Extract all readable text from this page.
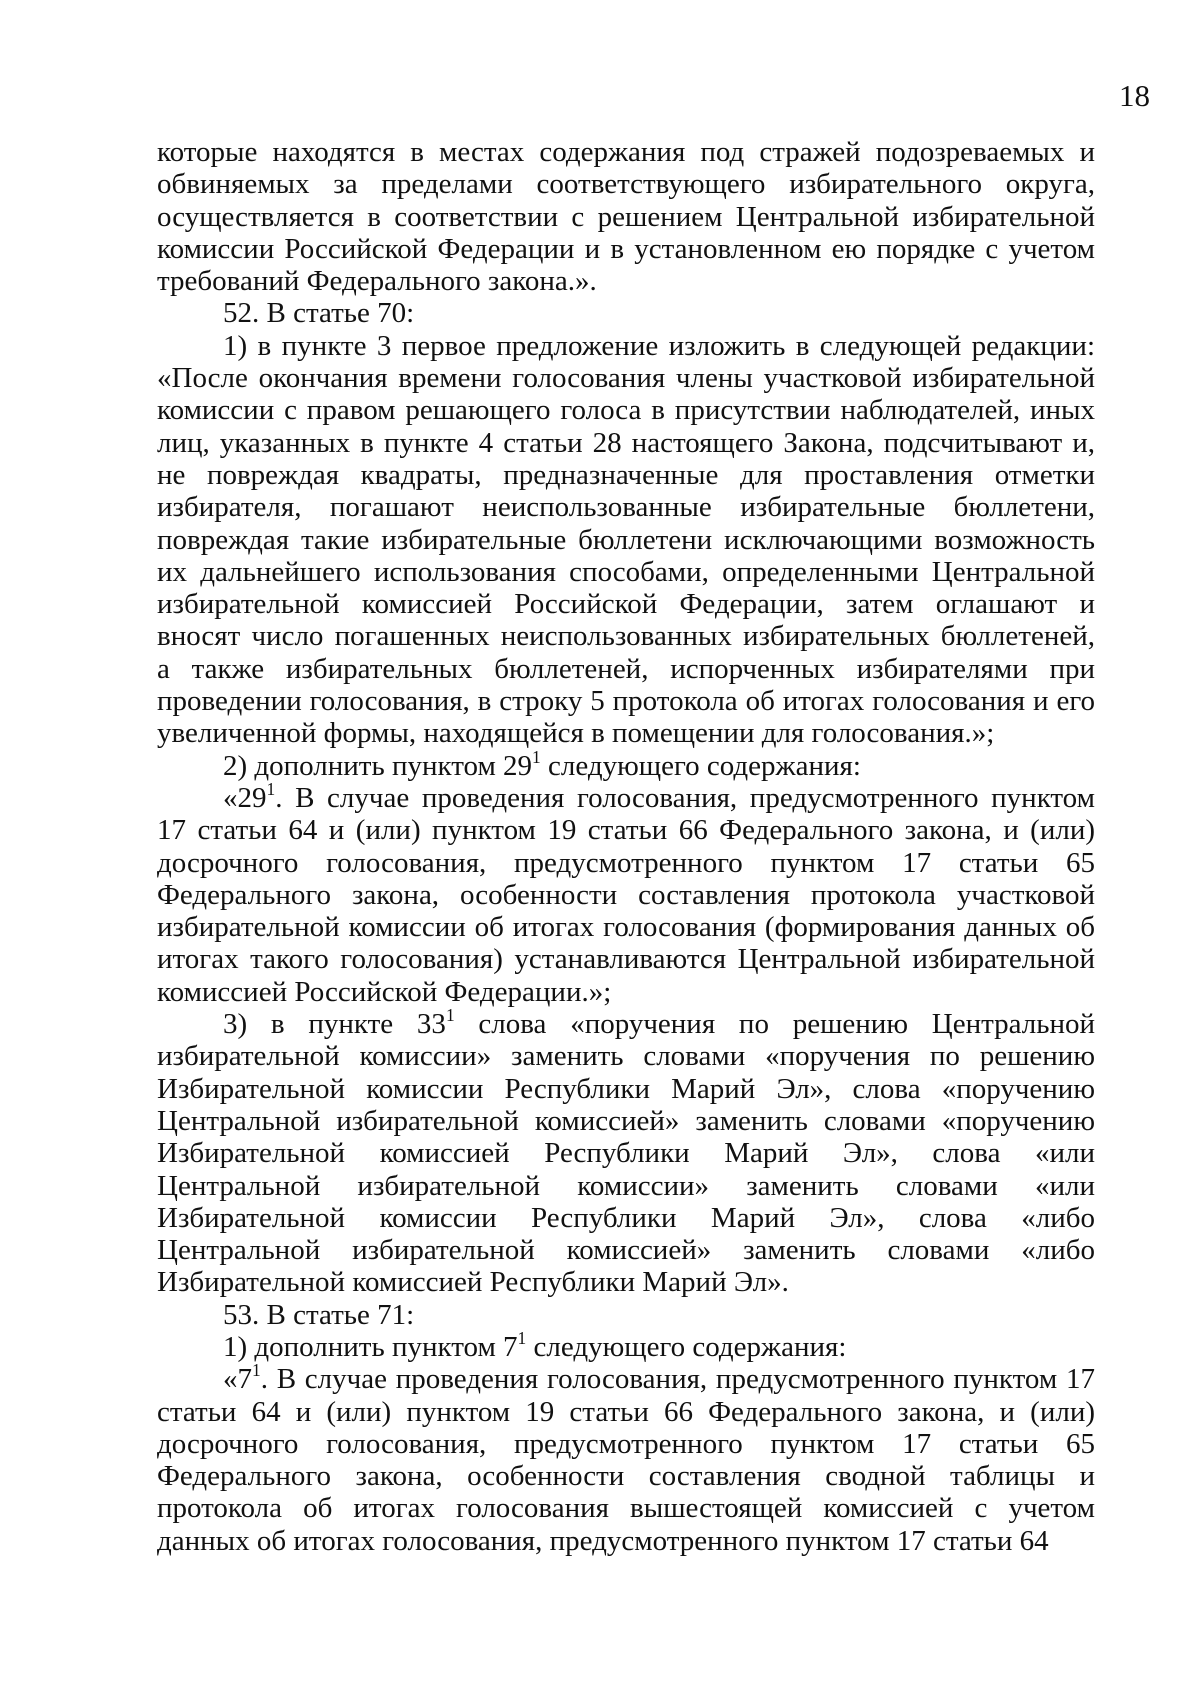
18

которые находятся в местах содержания под стражей подозреваемых и обвиняемых за пределами соответствующего избирательного округа, осуществляется в соответствии с решением Центральной избирательной комиссии Российской Федерации и в установленном ею порядке с учетом требований Федерального закона.».

52. В статье 70:

1) в пункте 3 первое предложение изложить в следующей редакции: «После окончания времени голосования члены участковой избирательной комиссии с правом решающего голоса в присутствии наблюдателей, иных лиц, указанных в пункте 4 статьи 28 настоящего Закона, подсчитывают и, не повреждая квадраты, предназначенные для проставления отметки избирателя, погашают неиспользованные избирательные бюллетени, повреждая такие избирательные бюллетени исключающими возможность их дальнейшего использования способами, определенными Центральной избирательной комиссией Российской Федерации, затем оглашают и вносят число погашенных неиспользованных избирательных бюллетеней, а также избирательных бюллетеней, испорченных избирателями при проведении голосования, в строку 5 протокола об итогах голосования и его увеличенной формы, находящейся в помещении для голосования.»;

2) дополнить пунктом $29^1$ следующего содержания:

«$29^1$. В случае проведения голосования, предусмотренного пунктом 17 статьи 64 и (или) пунктом 19 статьи 66 Федерального закона, и (или) досрочного голосования, предусмотренного пунктом 17 статьи 65 Федерального закона, особенности составления протокола участковой избирательной комиссии об итогах голосования (формирования данных об итогах такого голосования) устанавливаются Центральной избирательной комиссией Российской Федерации.»;

3) в пункте $33^1$ слова «поручения по решению Центральной избирательной комиссии» заменить словами «поручения по решению Избирательной комиссии Республики Марий Эл», слова «поручению Центральной избирательной комиссией» заменить словами «поручению Избирательной комиссией Республики Марий Эл», слова «или Центральной избирательной комиссии» заменить словами «или Избирательной комиссии Республики Марий Эл», слова «либо Центральной избирательной комиссией» заменить словами «либо Избирательной комиссией Республики Марий Эл».

53. В статье 71:

1) дополнить пунктом $7^1$ следующего содержания:

«$7^1$. В случае проведения голосования, предусмотренного пунктом 17 статьи 64 и (или) пунктом 19 статьи 66 Федерального закона, и (или) досрочного голосования, предусмотренного пунктом 17 статьи 65 Федерального закона, особенности составления сводной таблицы и протокола об итогах голосования вышестоящей комиссией с учетом данных об итогах голосования, предусмотренного пунктом 17 статьи 64
